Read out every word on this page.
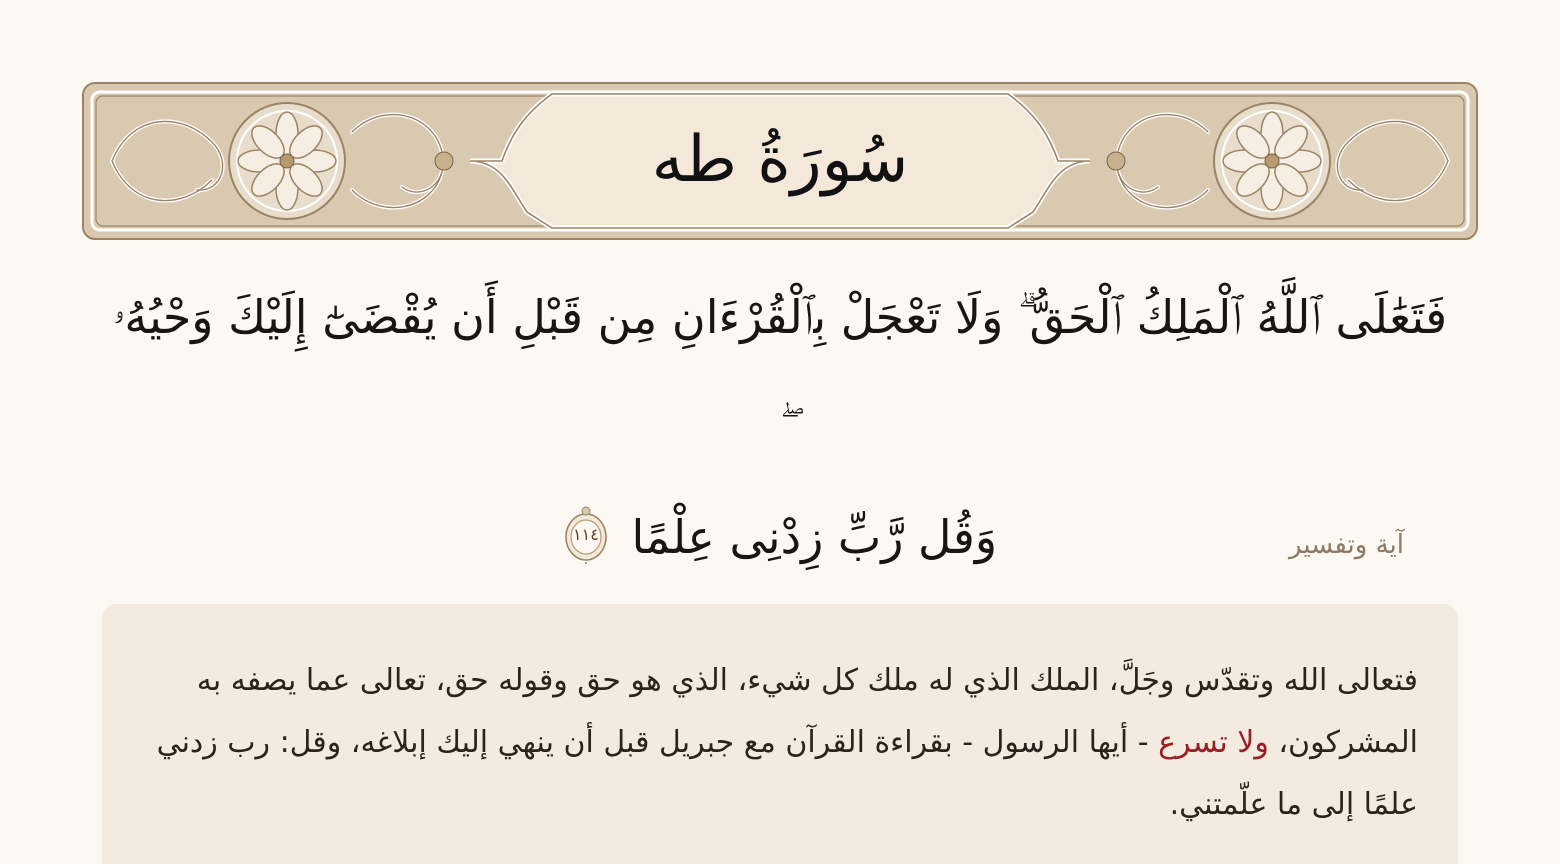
سُورَةُ طه
فَتَعَٰلَى ٱللَّهُ ٱلْمَلِكُ ٱلْحَقُّ ۗ وَلَا تَعْجَلْ بِٱلْقُرْءَانِ مِن قَبْلِ أَن يُقْضَىٰٓ إِلَيْكَ وَحْيُهُۥ
وَقُل رَّبِّ زِدْنِى عِلْمًا
١١٤	آية وتفسير
فتعالى الله وتقدّس وجَلَّ، الملك الذي له ملك كل شيء، الذي هو حق وقوله حق، تعالى عما يصفه به المشركون، ولا تسرع - أيها الرسول - بقراءة القرآن مع جبريل قبل أن ينهي إليك إبلاغه، وقل: رب زدني علمًا إلى ما علّمتني.
